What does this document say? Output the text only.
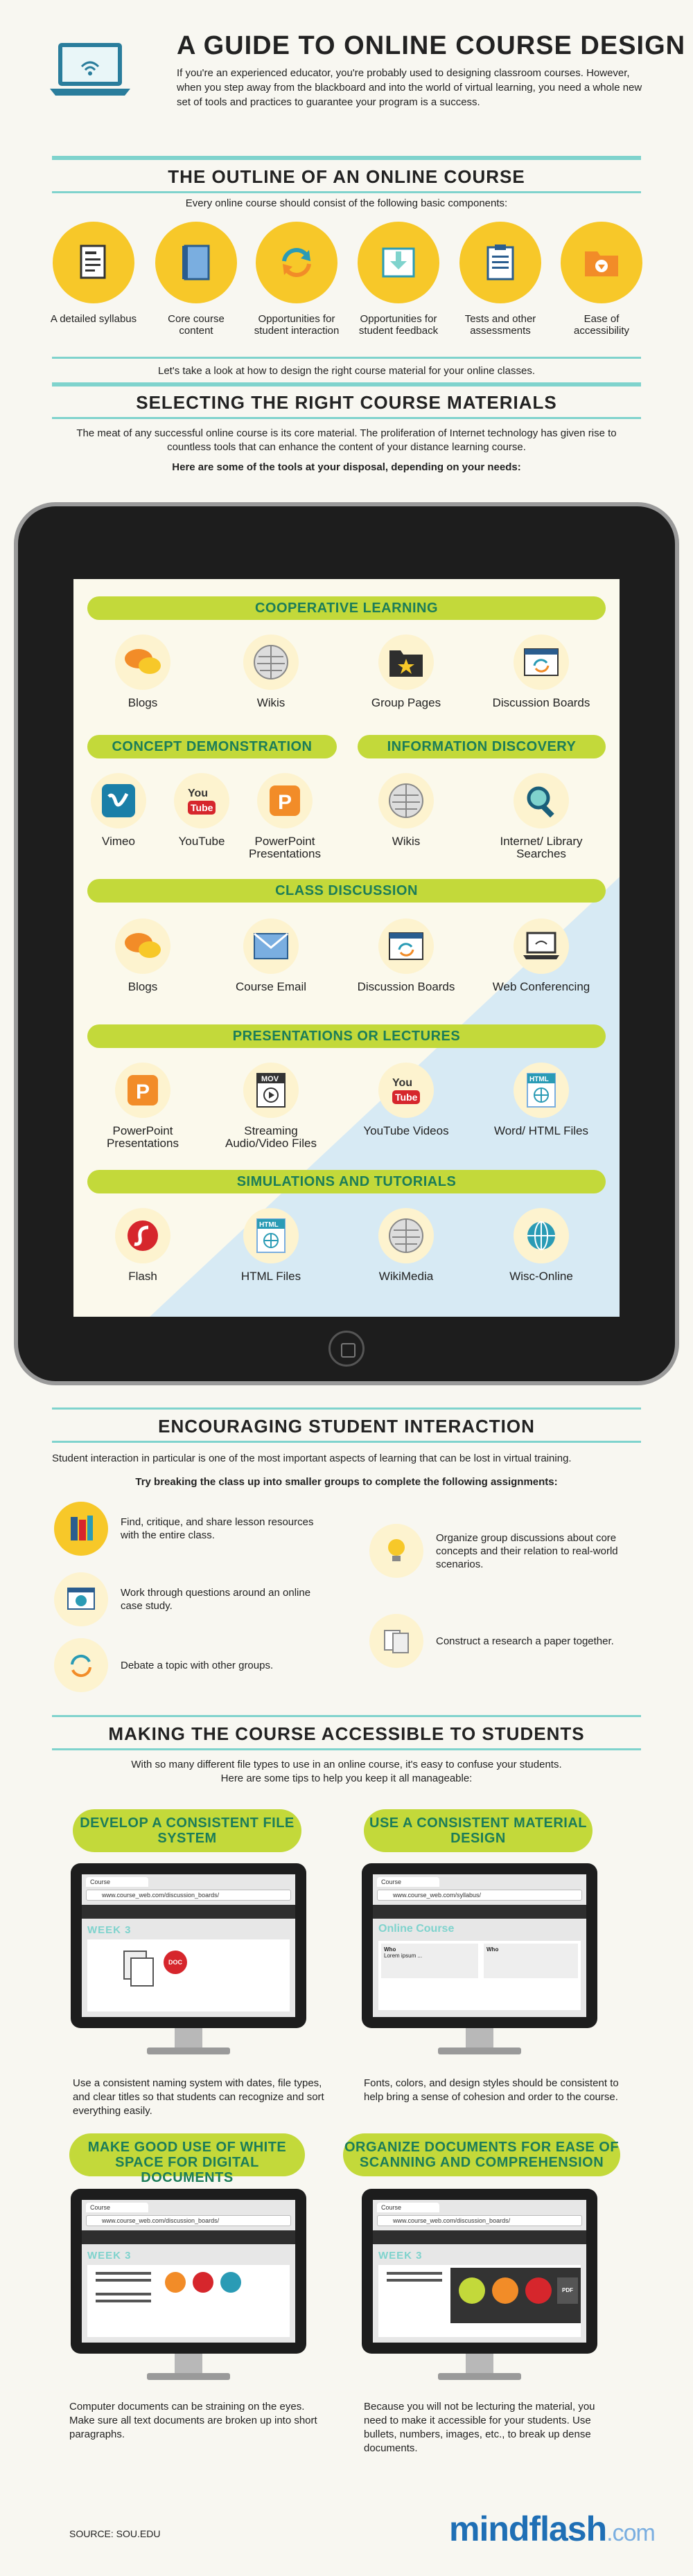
A GUIDE TO ONLINE COURSE DESIGN
If you're an experienced educator, you're probably used to designing classroom courses. However, when you step away from the blackboard and into the world of virtual learning, you need a whole new set of tools and practices to guarantee your program is a success.
THE OUTLINE OF AN ONLINE COURSE
Every online course should consist of the following basic components:
A detailed syllabus	Core course content
Opportunities for student interaction
Opportunities for student feedback
Tests and other assessments
Ease of accessibility
Let's take a look at how to design the right course material for your online classes.
SELECTING THE RIGHT COURSE MATERIALS
The meat of any successful online course is its core material. The proliferation of Internet technology has given rise to countless tools that can enhance the content of your distance learning course.
Here are some of the tools at your disposal, depending on your needs:
COOPERATIVE LEARNING
Blogs	Wikis	Group Pages	Discussion Boards
CONCEPT DEMONSTRATION	INFORMATION DISCOVERY
Vimeo
You
Tube
YouTube
P
PowerPoint Presentations
Wikis	Internet/ Library Searches
CLASS DISCUSSION
Blogs	Course Email	Discussion Boards	Web Conferencing
PRESENTATIONS OR LECTURES
P
PowerPoint Presentations
MOV
Streaming Audio/Video Files
You
Tube
YouTube Videos
HTML
Word/ HTML Files
SIMULATIONS AND TUTORIALS
Flash
HTML
HTML Files	WikiMedia	Wisc-Online
ENCOURAGING STUDENT INTERACTION
Student interaction in particular is one of the most important aspects of learning that can be lost in virtual training.
Try breaking the class up into smaller groups to complete the following assignments:
Find, critique, and share lesson resources with the entire class.
Work through questions around an online case study.
Debate a topic with other groups.
Organize group discussions about core concepts and their relation to real-world scenarios.
Construct a research a paper together.
MAKING THE COURSE ACCESSIBLE TO STUDENTS
With so many different file types to use in an online course, it's easy to confuse your students. Here are some tips to help you keep it all manageable:
DEVELOP A CONSISTENT FILE SYSTEM
USE A CONSISTENT MATERIAL DESIGN
Course
www.course_web.com/discussion_boards/
WEEK 3
DOC
Course
www.course_web.com/syllabus/
Online Course
Who
Lorem ipsum ...
Who
Use a consistent naming system with dates, file types, and clear titles so that students can recognize and sort everything easily.
Fonts, colors, and design styles should be consistent to help bring a sense of cohesion and order to the course.
MAKE GOOD USE OF WHITE SPACE FOR DIGITAL DOCUMENTS
ORGANIZE DOCUMENTS FOR EASE OF SCANNING AND COMPREHENSION
Course
www.course_web.com/discussion_boards/
WEEK 3
Course
www.course_web.com/discussion_boards/
WEEK 3
PDF
Computer documents can be straining on the eyes. Make sure all text documents are broken up into short paragraphs.
Because you will not be lecturing the material, you need to make it accessible for your students. Use bullets, numbers, images, etc., to break up dense documents.
SOURCE: SOU.EDU	mindflash.com
